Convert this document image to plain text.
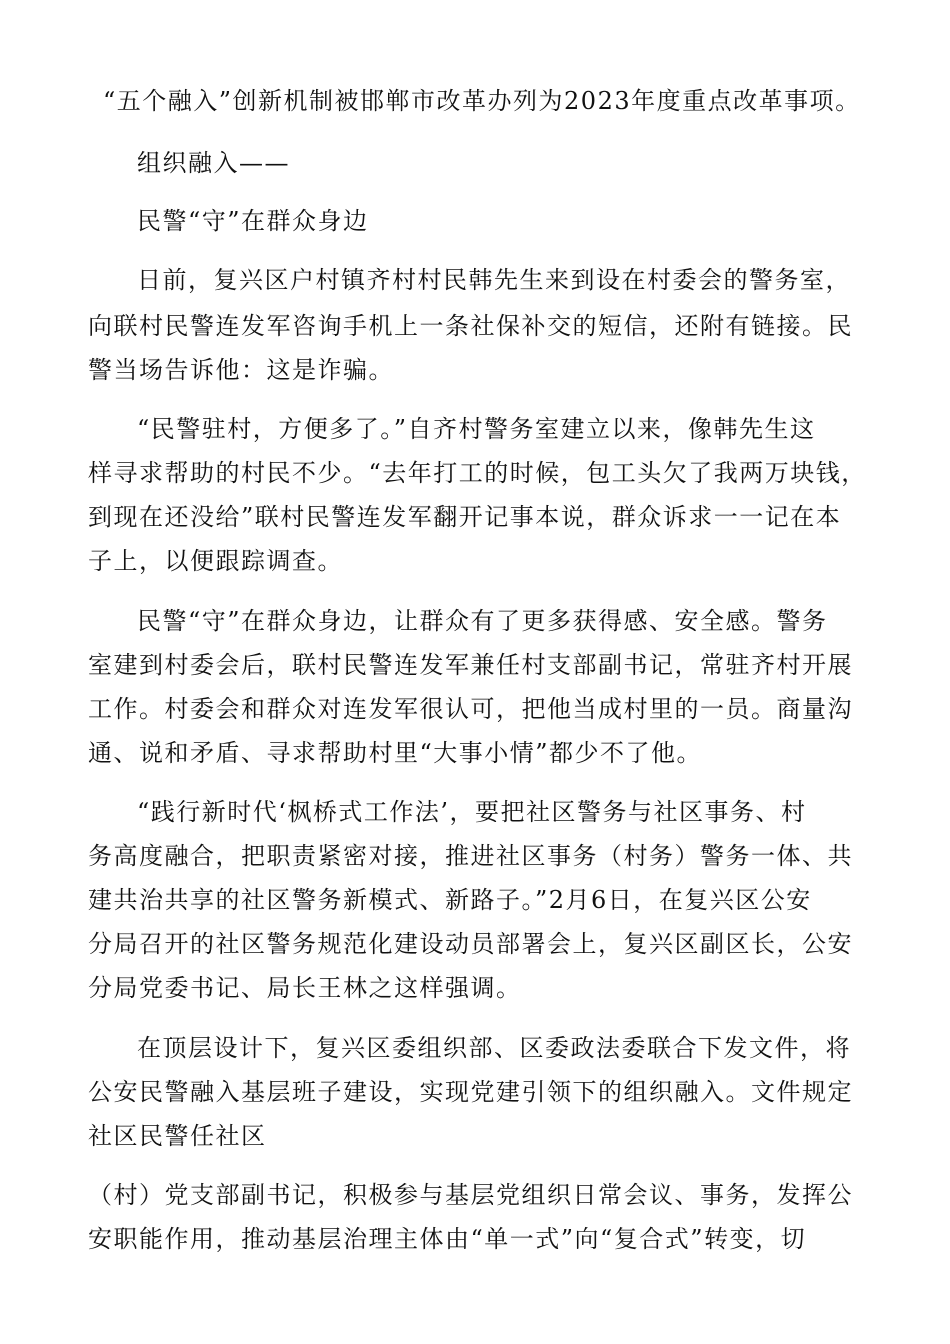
“五个融入”创新机制被邯郸市改革办列为2023年度重点改革事项。
组织融入——
民警“守”在群众身边
日前，复兴区户村镇齐村村民韩先生来到设在村委会的警务室，
向联村民警连发军咨询手机上一条社保补交的短信，还附有链接。民
警当场告诉他：这是诈骗。
“民警驻村，方便多了。”自齐村警务室建立以来，像韩先生这
样寻求帮助的村民不少。“去年打工的时候，包工头欠了我两万块钱，
到现在还没给”联村民警连发军翻开记事本说，群众诉求一一记在本
子上，以便跟踪调查。
民警“守”在群众身边，让群众有了更多获得感、安全感。警务
室建到村委会后，联村民警连发军兼任村支部副书记，常驻齐村开展
工作。村委会和群众对连发军很认可，把他当成村里的一员。商量沟
通、说和矛盾、寻求帮助村里“大事小情”都少不了他。
“践行新时代‘枫桥式工作法’，要把社区警务与社区事务、村
务高度融合，把职责紧密对接，推进社区事务（村务）警务一体、共
建共治共享的社区警务新模式、新路子。”2月6日，在复兴区公安
分局召开的社区警务规范化建设动员部署会上，复兴区副区长，公安
分局党委书记、局长王林之这样强调。
在顶层设计下，复兴区委组织部、区委政法委联合下发文件，将
公安民警融入基层班子建设，实现党建引领下的组织融入。文件规定
社区民警任社区
（村）党支部副书记，积极参与基层党组织日常会议、事务，发挥公
安职能作用，推动基层治理主体由“单一式”向“复合式”转变，切
